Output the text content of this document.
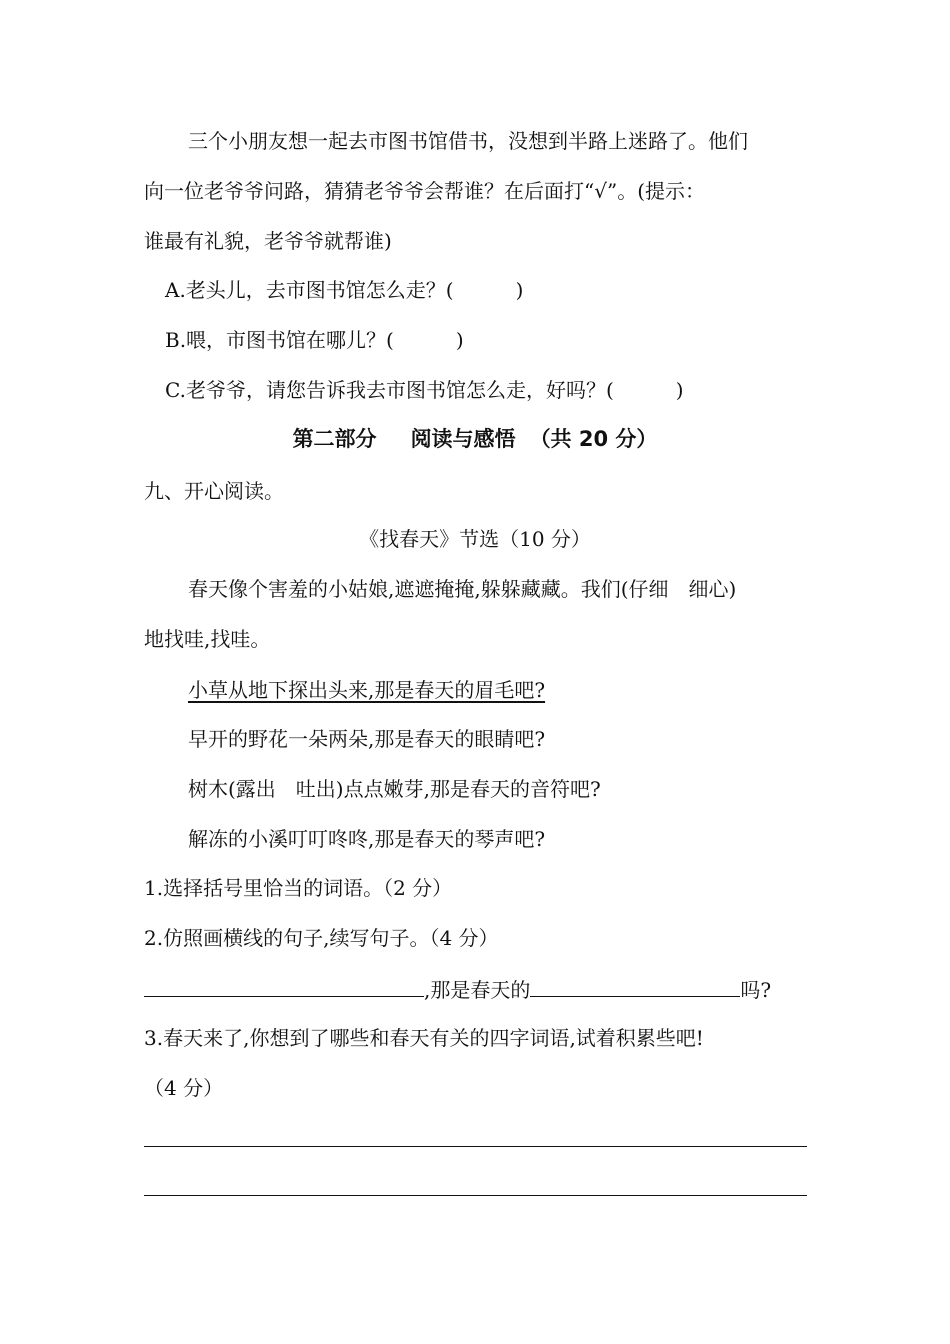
三个小朋友想一起去市图书馆借书，没想到半路上迷路了。他们
向一位老爷爷问路，猜猜老爷爷会帮谁？在后面打“√”。(提示：
谁最有礼貌，老爷爷就帮谁)
A.老头儿，去市图书馆怎么走？(	)
B.喂，市图书馆在哪儿？(	)
C.老爷爷，请您告诉我去市图书馆怎么走，好吗？(	)
第二部分 阅读与感悟 （共 20 分）
九、开心阅读。
《找春天》节选（10 分）
春天像个害羞的小姑娘,遮遮掩掩,躲躲藏藏。我们(仔细　细心)
地找哇,找哇。
小草从地下探出头来,那是春天的眉毛吧?
早开的野花一朵两朵,那是春天的眼睛吧?
树木(露出　吐出)点点嫩芽,那是春天的音符吧?
解冻的小溪叮叮咚咚,那是春天的琴声吧?
1.选择括号里恰当的词语。（2 分）
2.仿照画横线的句子,续写句子。（4 分）
,那是春天的	吗?
3.春天来了,你想到了哪些和春天有关的四字词语,试着积累些吧!
（4 分）
